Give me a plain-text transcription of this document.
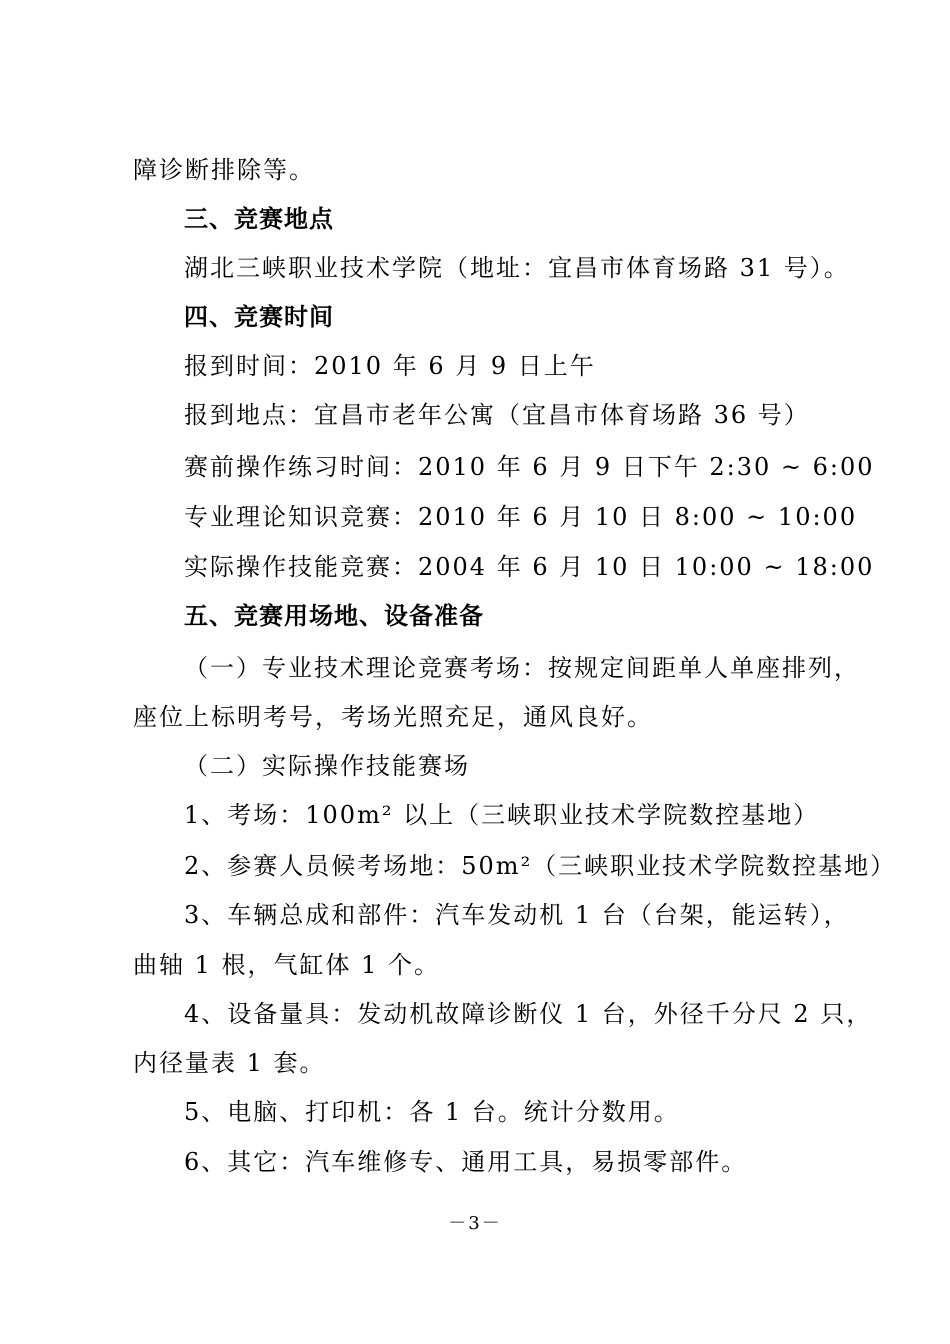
障诊断排除等。
三、竞赛地点
湖北三峡职业技术学院（地址：宜昌市体育场路 31 号）。
四、竞赛时间
报到时间：2010 年 6 月 9 日上午
报到地点：宜昌市老年公寓（宜昌市体育场路 36 号）
赛前操作练习时间：2010 年 6 月 9 日下午 2:30 ~ 6:00
专业理论知识竞赛：2010 年 6 月 10 日 8:00 ~ 10:00
实际操作技能竞赛：2004 年 6 月 10 日 10:00 ~ 18:00
五、竞赛用场地、设备准备
（一）专业技术理论竞赛考场：按规定间距单人单座排列，
座位上标明考号，考场光照充足，通风良好。
（二）实际操作技能赛场
1、考场：100m² 以上（三峡职业技术学院数控基地）
2、参赛人员候考场地：50m²（三峡职业技术学院数控基地）
3、车辆总成和部件：汽车发动机 1 台（台架，能运转），
曲轴 1 根，气缸体 1 个。
4、设备量具：发动机故障诊断仪 1 台，外径千分尺 2 只，
内径量表 1 套。
5、电脑、打印机：各 1 台。统计分数用。
6、其它：汽车维修专、通用工具，易损零部件。
－3－
